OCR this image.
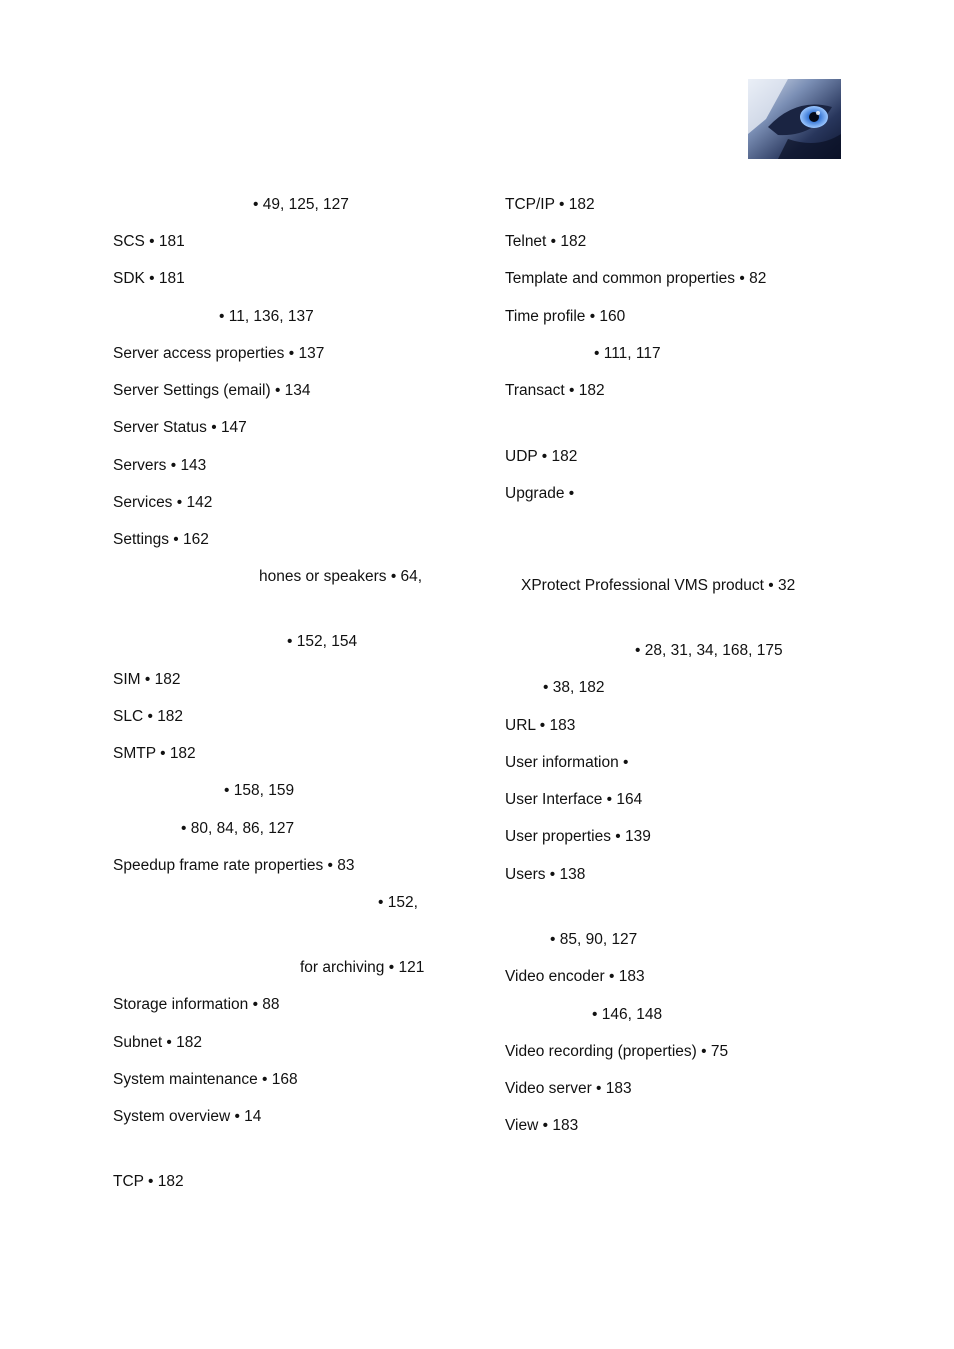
• 49, 125, 127
SCS • 181
SDK • 181
• 11, 136, 137
Server access properties • 137
Server Settings (email) • 134
Server Status • 147
Servers • 143
Services • 142
Settings • 162
hones or speakers • 64,
• 152, 154
SIM • 182
SLC • 182
SMTP • 182
• 158, 159
• 80, 84, 86, 127
Speedup frame rate properties • 83
• 152,
for archiving • 121
Storage information • 88
Subnet • 182
System maintenance • 168
System overview • 14
TCP • 182
TCP/IP • 182
Telnet • 182
Template and common properties • 82
Time profile • 160
• 111, 117
Transact • 182
UDP • 182
Upgrade •
XProtect Professional VMS product • 32
• 28, 31, 34, 168, 175
• 38, 182
URL • 183
User information •
User Interface • 164
User properties • 139
Users • 138
• 85, 90, 127
Video encoder • 183
• 146, 148
Video recording (properties) • 75
Video server • 183
View • 183
